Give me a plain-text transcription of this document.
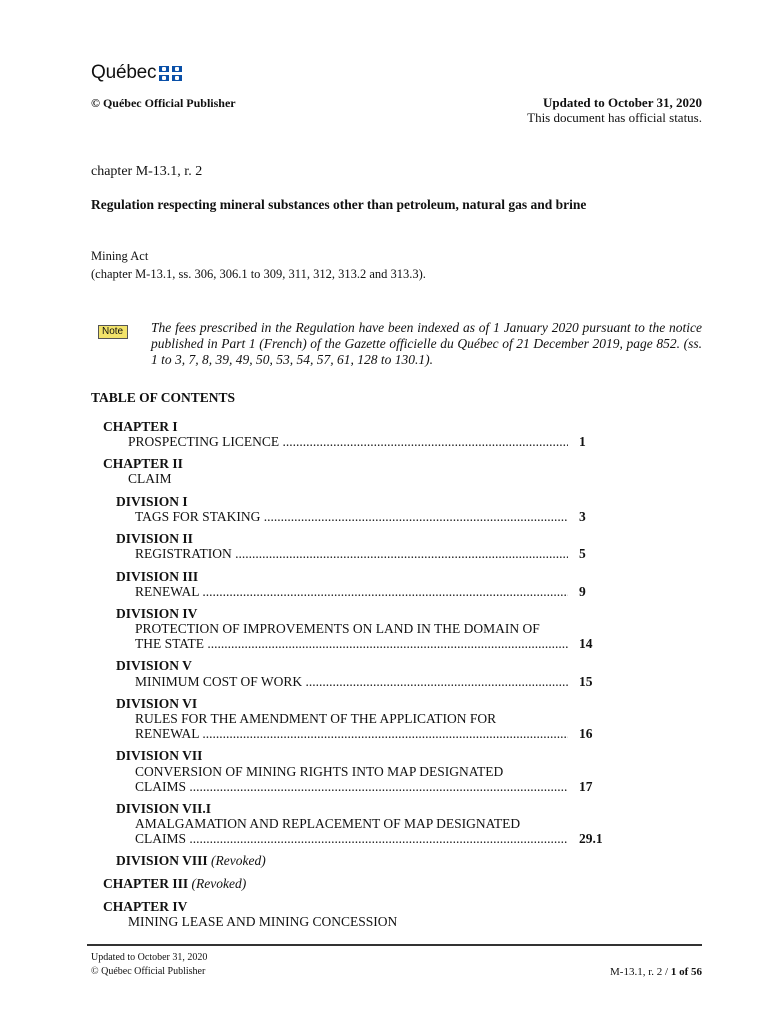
Québec
© Québec Official Publisher	Updated to October 31, 2020
This document has official status.
chapter M-13.1, r. 2
Regulation respecting mineral substances other than petroleum, natural gas and brine
Mining Act
(chapter M-13.1, ss. 306, 306.1 to 309, 311, 312, 313.2 and 313.3).
Note	The fees prescribed in the Regulation have been indexed as of 1 January 2020 pursuant to the notice published in Part 1 (French) of the Gazette officielle du Québec of 21 December 2019, page 852. (ss. 1 to 3, 7, 8, 39, 49, 50, 53, 54, 57, 61, 128 to 130.1).
TABLE OF CONTENTS
CHAPTER I
PROSPECTING LICENCE .....	1
CHAPTER II
CLAIM
DIVISION I
TAGS FOR STAKING .....	3
DIVISION II
REGISTRATION .....	5
DIVISION III
RENEWAL .....	9
DIVISION IV
PROTECTION OF IMPROVEMENTS ON LAND IN THE DOMAIN OF
THE STATE .....	14
DIVISION V
MINIMUM COST OF WORK .....	15
DIVISION VI
RULES FOR THE AMENDMENT OF THE APPLICATION FOR
RENEWAL .....	16
DIVISION VII
CONVERSION OF MINING RIGHTS INTO MAP DESIGNATED
CLAIMS .....	17
DIVISION VII.I
AMALGAMATION AND REPLACEMENT OF MAP DESIGNATED
CLAIMS .....	29.1
DIVISION VIII (Revoked)
CHAPTER III (Revoked)
CHAPTER IV
MINING LEASE AND MINING CONCESSION
Updated to October 31, 2020
© Québec Official Publisher	M-13.1, r. 2 / 1 of 56
